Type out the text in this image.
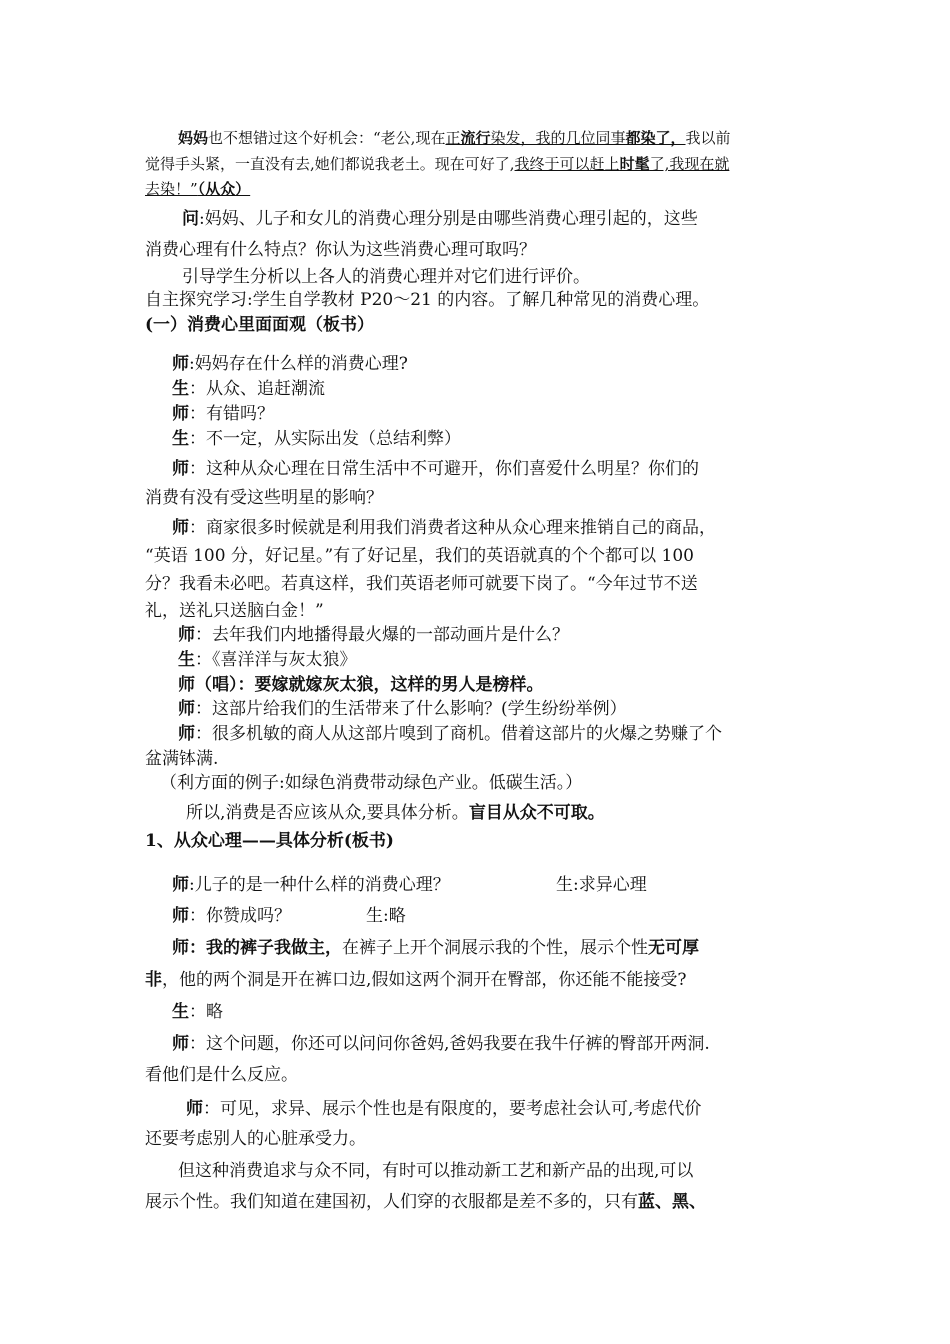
妈妈也不想错过这个好机会：“老公,现在正流行染发，我的几位同事都染了，我以前
觉得手头紧，一直没有去,她们都说我老土。现在可好了,我终于可以赶上时髦了,我现在就
去染！”（从众）
问:妈妈、儿子和女儿的消费心理分别是由哪些消费心理引起的，这些
消费心理有什么特点？你认为这些消费心理可取吗？
引导学生分析以上各人的消费心理并对它们进行评价。
自主探究学习:学生自学教材 P20～21 的内容。了解几种常见的消费心理。
(一）消费心里面面观（板书）
师:妈妈存在什么样的消费心理?
生：从众、追赶潮流
师：有错吗？
生：不一定，从实际出发（总结利弊）
师：这种从众心理在日常生活中不可避开，你们喜爱什么明星？你们的
消费有没有受这些明星的影响？
师：商家很多时候就是利用我们消费者这种从众心理来推销自己的商品，
“英语 100 分，好记星。”有了好记星，我们的英语就真的个个都可以 100
分？我看未必吧。若真这样，我们英语老师可就要下岗了。“今年过节不送
礼，送礼只送脑白金！”
师：去年我们内地播得最火爆的一部动画片是什么？
生：《喜洋洋与灰太狼》
师（唱）：要嫁就嫁灰太狼，这样的男人是榜样。
师：这部片给我们的生活带来了什么影响？(学生纷纷举例）
师：很多机敏的商人从这部片嗅到了商机。借着这部片的火爆之势赚了个
盆满钵满.
（利方面的例子:如绿色消费带动绿色产业。低碳生活。）
所以,消费是否应该从众,要具体分析。盲目从众不可取。
1、从众心理——具体分析(板书)
师:儿子的是一种什么样的消费心理？	生:求异心理
师：你赞成吗？	生:略
师：我的裤子我做主，在裤子上开个洞展示我的个性，展示个性无可厚
非，他的两个洞是开在裤口边,假如这两个洞开在臀部，你还能不能接受?
生：略
师：这个问题，你还可以问问你爸妈,爸妈我要在我牛仔裤的臀部开两洞.
看他们是什么反应。
师：可见，求异、展示个性也是有限度的，要考虑社会认可,考虑代价
还要考虑别人的心脏承受力。
但这种消费追求与众不同，有时可以推动新工艺和新产品的出现,可以
展示个性。我们知道在建国初，人们穿的衣服都是差不多的，只有蓝、黑、
